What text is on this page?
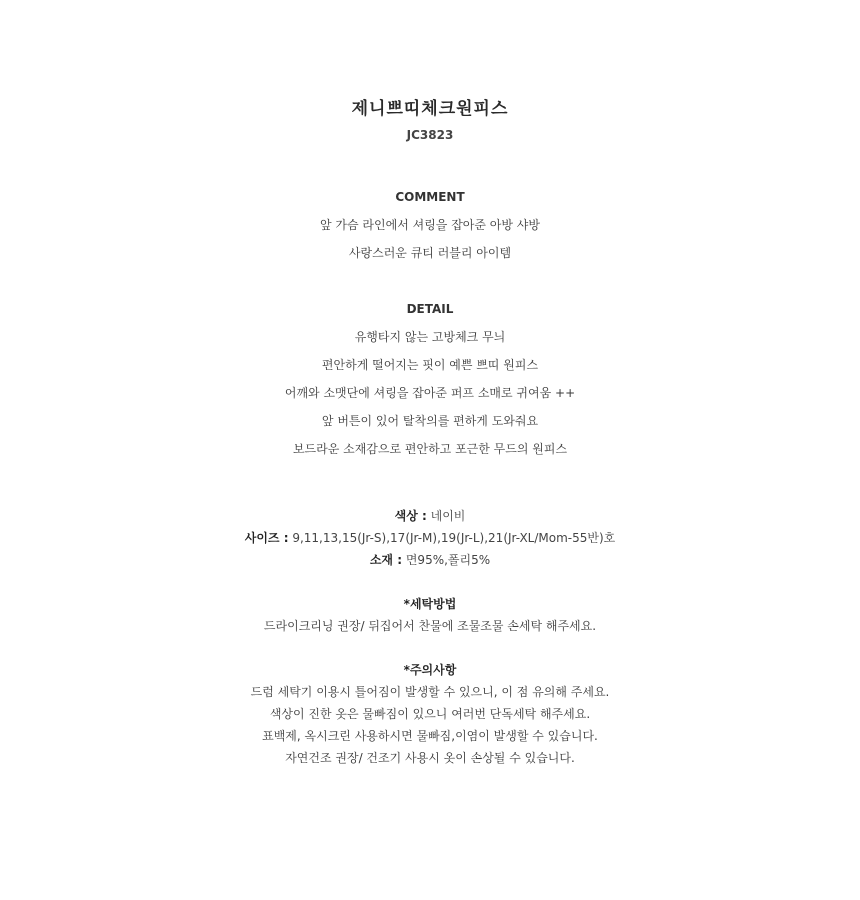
제니쁘띠체크원피스
JC3823
COMMENT
앞 가슴 라인에서 셔링을 잡아준 아방 샤방
사랑스러운 큐티 러블리 아이템
DETAIL
유행타지 않는 고방체크 무늬
편안하게 떨어지는 핏이 예쁜 쁘띠 원피스
어깨와 소맷단에 셔링을 잡아준 퍼프 소매로 귀여움 ++
앞 버튼이 있어 탈착의를 편하게 도와줘요
보드라운 소재감으로 편안하고 포근한 무드의 원피스
색상 : 네이비
사이즈 : 9,11,13,15(Jr-S),17(Jr-M),19(Jr-L),21(Jr-XL/Mom-55반)호
소재 : 면95%,폴리5%
*세탁방법
드라이크리닝 권장/ 뒤집어서 찬물에 조물조물 손세탁 해주세요.
*주의사항
드럼 세탁기 이용시 틀어짐이 발생할 수 있으니, 이 점 유의해 주세요.
색상이 진한 옷은 물빠짐이 있으니 여러번 단독세탁 해주세요.
표백제, 옥시크린 사용하시면 물빠짐,이염이 발생할 수 있습니다.
자연건조 권장/ 건조기 사용시 옷이 손상될 수 있습니다.
